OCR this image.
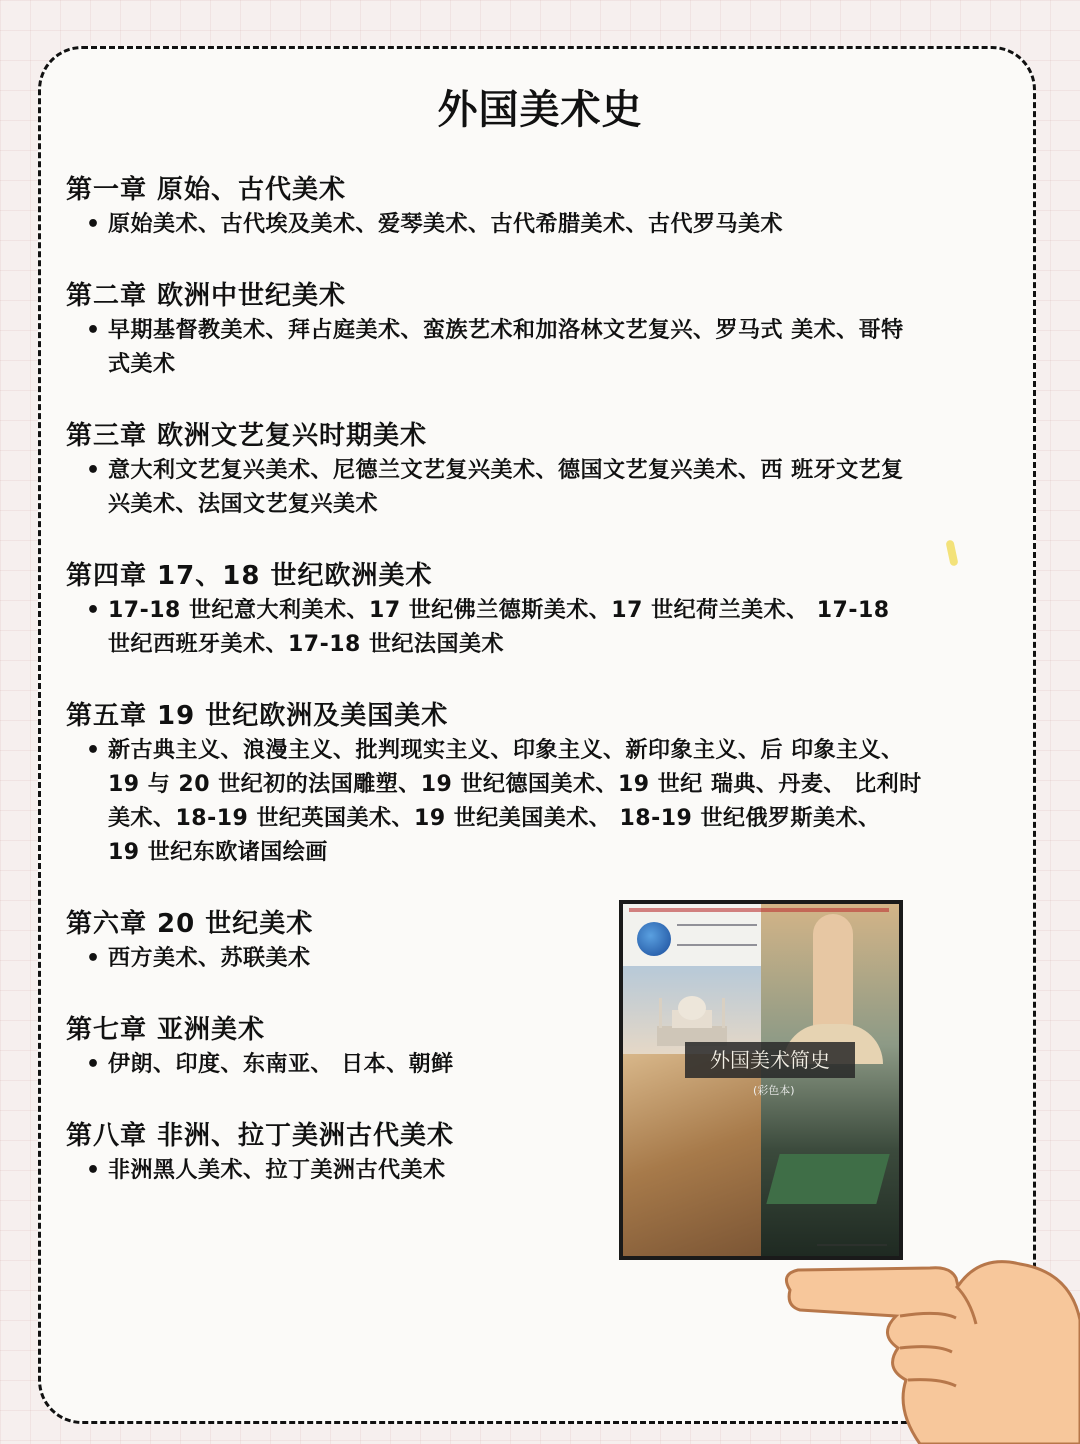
外国美术史
第一章 原始、古代美术
• 原始美术、古代埃及美术、爱琴美术、古代希腊美术、古代罗马美术
第二章 欧洲中世纪美术
• 早期基督教美术、拜占庭美术、蛮族艺术和加洛林文艺复兴、罗马式 美术、哥特
式美术
第三章 欧洲文艺复兴时期美术
• 意大利文艺复兴美术、尼德兰文艺复兴美术、德国文艺复兴美术、西 班牙文艺复
兴美术、法国文艺复兴美术
第四章 17、18 世纪欧洲美术
• 17-18 世纪意大利美术、17 世纪佛兰德斯美术、17 世纪荷兰美术、 17-18
世纪西班牙美术、17-18 世纪法国美术
第五章 19 世纪欧洲及美国美术
• 新古典主义、浪漫主义、批判现实主义、印象主义、新印象主义、后 印象主义、
19 与 20 世纪初的法国雕塑、19 世纪德国美术、19 世纪 瑞典、丹麦、 比利时
美术、18-19 世纪英国美术、19 世纪美国美术、 18-19 世纪俄罗斯美术、
19 世纪东欧诸国绘画
第六章 20 世纪美术
• 西方美术、苏联美术
第七章 亚洲美术
• 伊朗、印度、东南亚、 日本、朝鲜
第八章 非洲、拉丁美洲古代美术
• 非洲黑人美术、拉丁美洲古代美术
外国美术简史
(彩色本)
